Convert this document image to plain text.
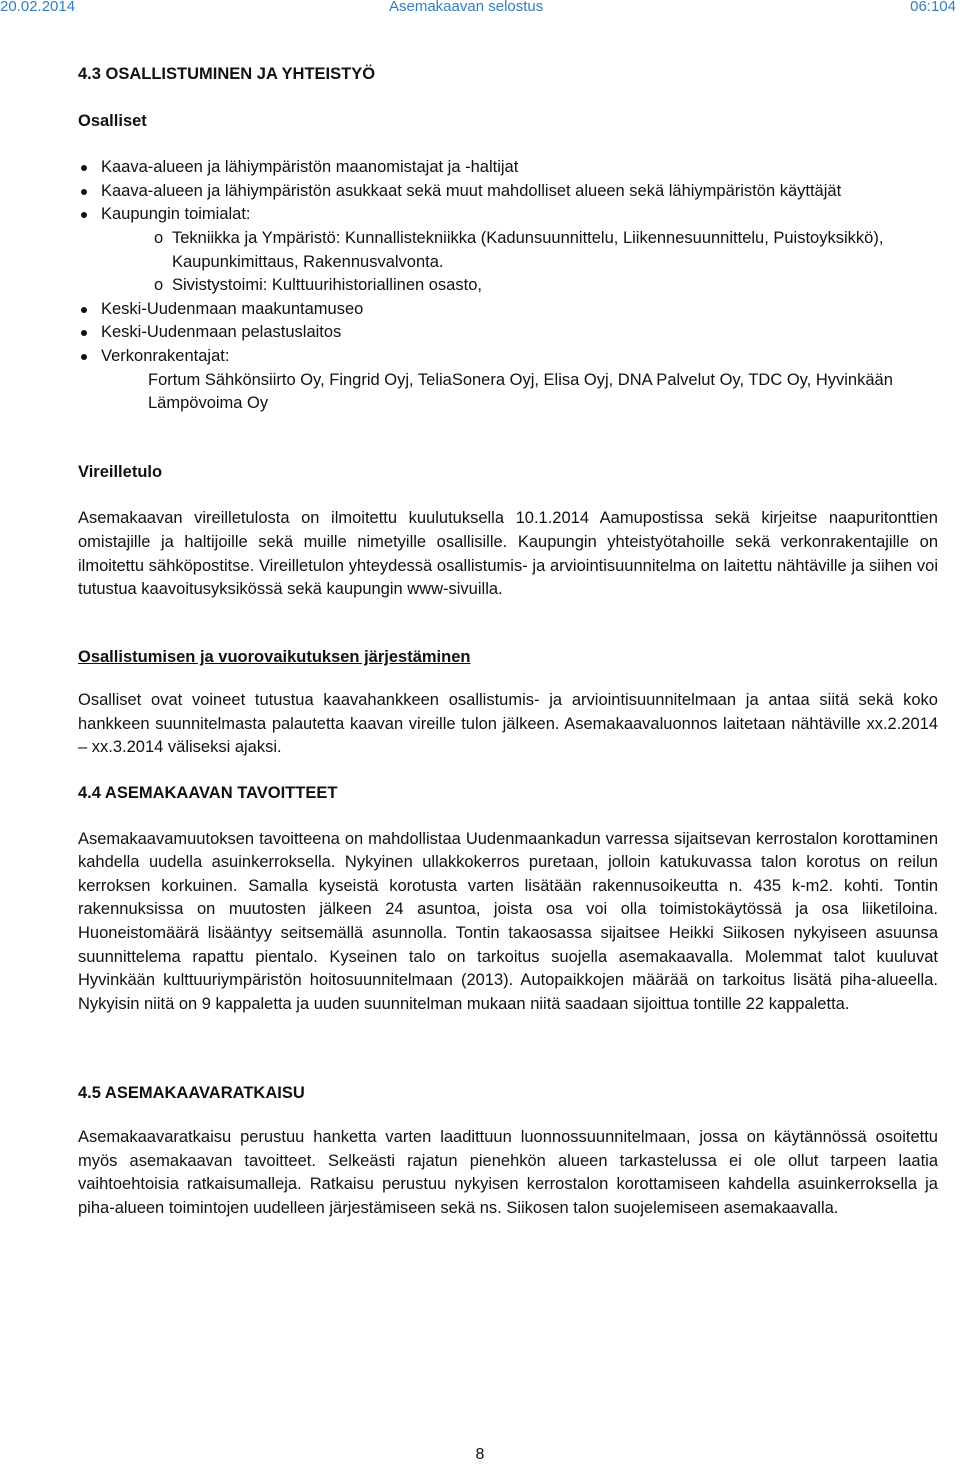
20.02.2014	Asemakaavan selostus	06:104

4.3 OSALLISTUMINEN JA YHTEISTYÖ

Osalliset

Kaava-alueen ja lähiympäristön maanomistajat ja -haltijat
Kaava-alueen ja lähiympäristön asukkaat sekä muut mahdolliset alueen sekä lähiympäristön käyttäjät
Kaupungin toimialat:
o Tekniikka ja Ympäristö: Kunnallistekniikka (Kadunsuunnittelu, Liikennesuunnittelu, Puistoyksikkö), Kaupunkimittaus, Rakennusvalvonta.
o Sivistystoimi: Kulttuurihistoriallinen osasto,
Keski-Uudenmaan maakuntamuseo
Keski-Uudenmaan pelastuslaitos
Verkonrakentajat:

Fortum Sähkönsiirto Oy, Fingrid Oyj, TeliaSonera Oyj, Elisa Oyj, DNA Palvelut Oy, TDC Oy, Hyvinkään Lämpövoima Oy

Vireilletulo

Asemakaavan vireilletulosta on ilmoitettu kuulutuksella 10.1.2014 Aamupostissa sekä kirjeitse naapuritonttien omistajille ja haltijoille sekä muille nimetyille osallisille. Kaupungin yhteistyötahoille sekä verkonrakentajille on ilmoitettu sähköpostitse. Vireilletulon yhteydessä osallistumis- ja arviointisuunnitelma on laitettu nähtäville ja siihen voi tutustua kaavoitusyksikössä sekä kaupungin www-sivuilla.

Osallistumisen ja vuorovaikutuksen järjestäminen

Osalliset ovat voineet tutustua kaavahankkeen osallistumis- ja arviointisuunnitelmaan ja antaa siitä sekä koko hankkeen suunnitelmasta palautetta kaavan vireille tulon jälkeen. Asemakaavaluonnos laitetaan nähtäville xx.2.2014 – xx.3.2014 väliseksi ajaksi.

4.4 ASEMAKAAVAN TAVOITTEET

Asemakaavamuutoksen tavoitteena on mahdollistaa Uudenmaankadun varressa sijaitsevan kerrostalon korottaminen kahdella uudella asuinkerroksella. Nykyinen ullakkokerros puretaan, jolloin katukuvassa talon korotus on reilun kerroksen korkuinen. Samalla kyseistä korotusta varten lisätään rakennusoikeutta n. 435 k-m2. kohti. Tontin rakennuksissa on muutosten jälkeen 24 asuntoa, joista osa voi olla toimistokäytössä ja osa liiketiloina. Huoneistomäärä lisääntyy seitsemällä asunnolla. Tontin takaosassa sijaitsee Heikki Siikosen nykyiseen asuunsa suunnittelema rapattu pientalo. Kyseinen talo on tarkoitus suojella asemakaavalla. Molemmat talot kuuluvat Hyvinkään kulttuuriympäristön hoitosuunnitelmaan (2013). Autopaikkojen määrää on tarkoitus lisätä piha-alueella. Nykyisin niitä on 9 kappaletta ja uuden suunnitelman mukaan niitä saadaan sijoittua tontille 22 kappaletta.

4.5 ASEMAKAAVARATKAISU

Asemakaavaratkaisu perustuu hanketta varten laadittuun luonnossuunnitelmaan, jossa on käytännössä osoitettu myös asemakaavan tavoitteet. Selkeästi rajatun pienehkön alueen tarkastelussa ei ole ollut tarpeen laatia vaihtoehtoisia ratkaisumalleja. Ratkaisu perustuu nykyisen kerrostalon korottamiseen kahdella asuinkerroksella ja piha-alueen toimintojen uudelleen järjestämiseen sekä ns. Siikosen talon suojelemiseen asemakaavalla.

8
